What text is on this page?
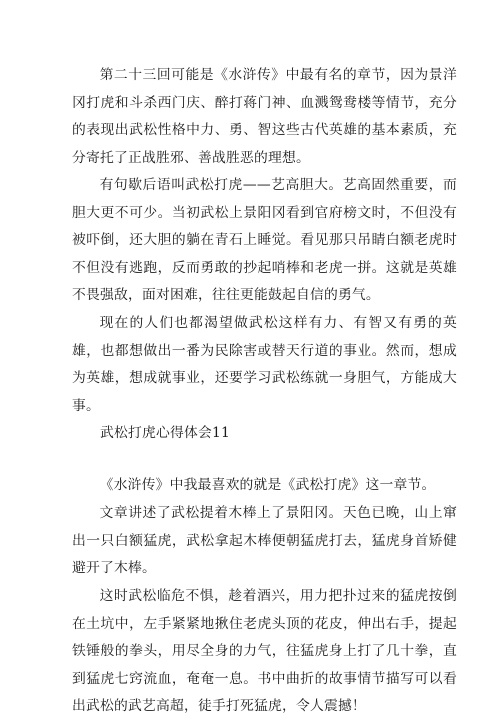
第二十三回可能是《水浒传》中最有名的章节，因为景洋冈打虎和斗杀西门庆、醉打蒋门神、血溅鸳鸯楼等情节，充分的表现出武松性格中力、勇、智这些古代英雄的基本素质，充分寄托了正战胜邪、善战胜恶的理想。

有句歇后语叫武松打虎——艺高胆大。艺高固然重要，而胆大更不可少。当初武松上景阳冈看到官府榜文时，不但没有被吓倒，还大胆的躺在青石上睡觉。看见那只吊睛白额老虎时不但没有逃跑，反而勇敢的抄起哨棒和老虎一拼。这就是英雄不畏强敌，面对困难，往往更能鼓起自信的勇气。

现在的人们也都渴望做武松这样有力、有智又有勇的英雄，也都想做出一番为民除害或替天行道的事业。然而，想成为英雄，想成就事业，还要学习武松练就一身胆气，方能成大事。

武松打虎心得体会11

《水浒传》中我最喜欢的就是《武松打虎》这一章节。

文章讲述了武松提着木棒上了景阳冈。天色已晚，山上窜出一只白额猛虎，武松拿起木棒便朝猛虎打去，猛虎身首矫健避开了木棒。

这时武松临危不惧，趁着酒兴，用力把扑过来的猛虎按倒在土坑中，左手紧紧地揪住老虎头顶的花皮，伸出右手，提起铁锤般的拳头，用尽全身的力气，往猛虎身上打了几十拳，直到猛虎七窍流血，奄奄一息。书中曲折的故事情节描写可以看出武松的武艺高超，徒手打死猛虎，令人震撼！
